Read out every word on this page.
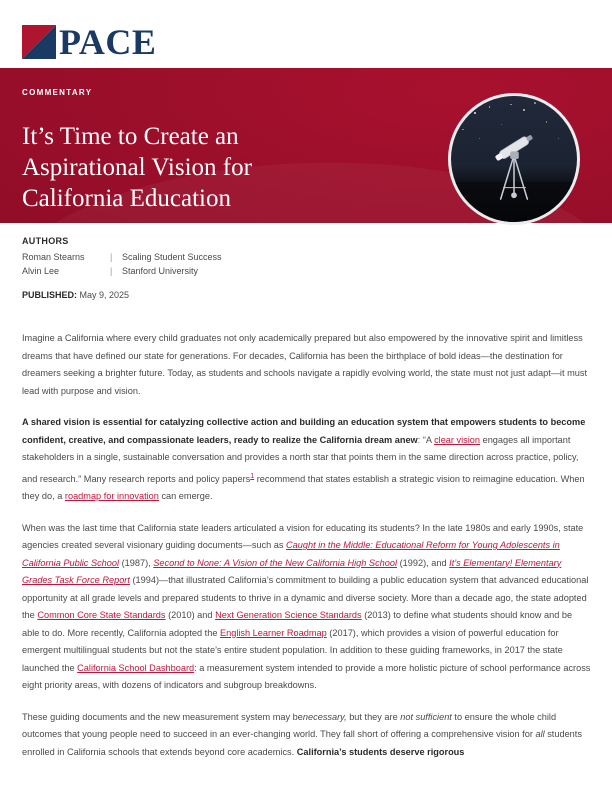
PACE
COMMENTARY
It’s Time to Create an
Aspirational Vision for
California Education
AUTHORS
Roman Stearns	|	Scaling Student Success
Alvin Lee	|	Stanford University
PUBLISHED: May 9, 2025

Imagine a California where every child graduates not only academically prepared but also empowered by the innovative spirit and limitless dreams that have defined our state for generations. For decades, California has been the birthplace of bold ideas—the destination for dreamers seeking a brighter future. Today, as students and schools navigate a rapidly evolving world, the state must not just adapt—it must lead with purpose and vision.

A shared vision is essential for catalyzing collective action and building an education system that empowers students to become confident, creative, and compassionate leaders, ready to realize the California dream anew: “A clear vision engages all important stakeholders in a single, sustainable conversation and provides a north star that points them in the same direction across practice, policy, and research.” Many research reports and policy papers$^1$ recommend that states establish a strategic vision to reimagine education. When they do, a roadmap for innovation can emerge.

When was the last time that California state leaders articulated a vision for educating its students? In the late 1980s and early 1990s, state agencies created several visionary guiding documents—such as Caught in the Middle: Educational Reform for Young Adolescents in California Public School (1987), Second to None: A Vision of the New California High School (1992), and It’s Elementary! Elementary Grades Task Force Report (1994)—that illustrated California’s commitment to building a public education system that advanced educational opportunity at all grade levels and prepared students to thrive in a dynamic and diverse society. More than a decade ago, the state adopted the Common Core State Standards (2010) and Next Generation Science Standards (2013) to define what students should know and be able to do. More recently, California adopted the English Learner Roadmap (2017), which provides a vision of powerful education for emergent multilingual students but not the state’s entire student population. In addition to these guiding frameworks, in 2017 the state launched the California School Dashboard: a measurement system intended to provide a more holistic picture of school performance across eight priority areas, with dozens of indicators and subgroup breakdowns.

These guiding documents and the new measurement system may benecessary, but they are not sufficient to ensure the whole child outcomes that young people need to succeed in an ever-changing world. They fall short of offering a comprehensive vision for all students enrolled in California schools that extends beyond core academics. California’s students deserve rigorous
